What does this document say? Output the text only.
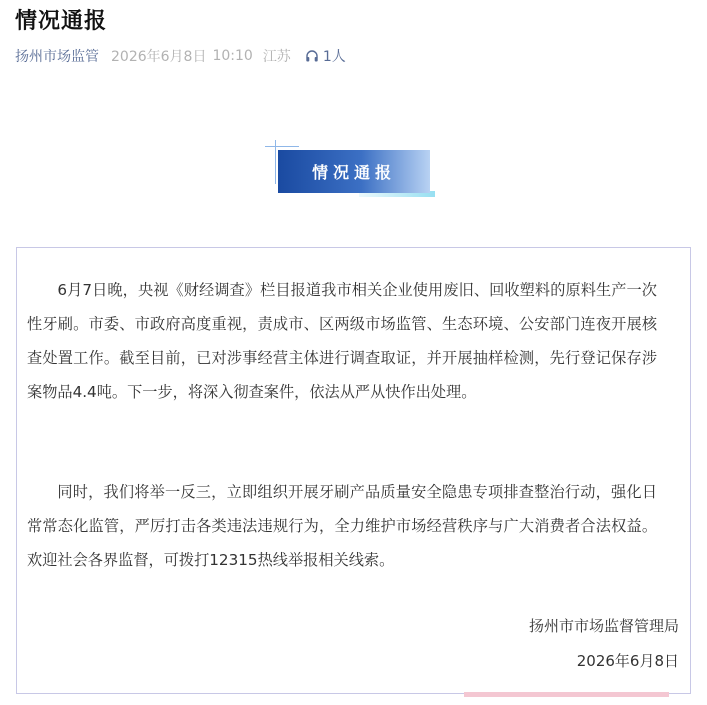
情况通报
扬州市场监管 2026年6月8日 10:10 江苏 1人
情况通报

6月7日晚，央视《财经调查》栏目报道我市相关企业使用废旧、回收塑料的原料生产一次性牙刷。市委、市政府高度重视，责成市、区两级市场监管、生态环境、公安部门连夜开展核查处置工作。截至目前，已对涉事经营主体进行调查取证，并开展抽样检测，先行登记保存涉案物品4.4吨。下一步，将深入彻查案件，依法从严从快作出处理。

同时，我们将举一反三，立即组织开展牙刷产品质量安全隐患专项排查整治行动，强化日常常态化监管，严厉打击各类违法违规行为，全力维护市场经营秩序与广大消费者合法权益。欢迎社会各界监督，可拨打12315热线举报相关线索。

扬州市市场监督管理局
2026年6月8日
